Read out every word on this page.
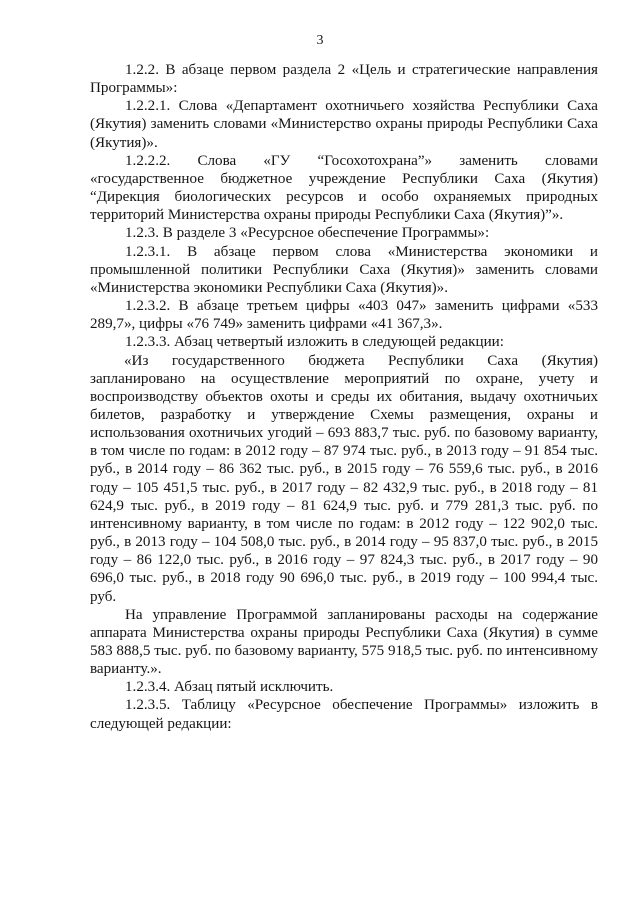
3

1.2.2. В абзаце первом раздела 2 «Цель и стратегические направления Программы»:

1.2.2.1. Слова «Департамент охотничьего хозяйства Республики Саха (Якутия) заменить словами «Министерство охраны природы Республики Саха (Якутия)».

1.2.2.2. Слова «ГУ “Госохотохрана”» заменить словами «государственное бюджетное учреждение Республики Саха (Якутия) “Дирекция биологических ресурсов и особо охраняемых природных территорий Министерства охраны природы Республики Саха (Якутия)”».

1.2.3. В разделе 3 «Ресурсное обеспечение Программы»:

1.2.3.1. В абзаце первом слова «Министерства экономики и промышленной политики Республики Саха (Якутия)» заменить словами «Министерства экономики Республики Саха (Якутия)».

1.2.3.2. В абзаце третьем цифры «403 047» заменить цифрами «533 289,7», цифры «76 749» заменить цифрами «41 367,3».

1.2.3.3. Абзац четвертый изложить в следующей редакции:

«Из государственного бюджета Республики Саха (Якутия) запланировано на осуществление мероприятий по охране, учету и воспроизводству объектов охоты и среды их обитания, выдачу охотничьих билетов, разработку и утверждение Схемы размещения, охраны и использования охотничьих угодий – 693 883,7 тыс. руб. по базовому варианту, в том числе по годам: в 2012 году – 87 974 тыс. руб., в 2013 году – 91 854 тыс. руб., в 2014 году – 86 362 тыс. руб., в 2015 году – 76 559,6 тыс. руб., в 2016 году – 105 451,5 тыс. руб., в 2017 году – 82 432,9 тыс. руб., в 2018 году – 81 624,9 тыс. руб., в 2019 году – 81 624,9 тыс. руб. и 779 281,3 тыс. руб. по интенсивному варианту, в том числе по годам: в 2012 году – 122 902,0 тыс. руб., в 2013 году – 104 508,0 тыс. руб., в 2014 году – 95 837,0 тыс. руб., в 2015 году – 86 122,0 тыс. руб., в 2016 году – 97 824,3 тыс. руб., в 2017 году – 90 696,0 тыс. руб., в 2018 году 90 696,0 тыс. руб., в 2019 году – 100 994,4 тыс. руб.

На управление Программой запланированы расходы на содержание аппарата Министерства охраны природы Республики Саха (Якутия) в сумме 583 888,5 тыс. руб. по базовому варианту, 575 918,5 тыс. руб. по интенсивному варианту.».

1.2.3.4. Абзац пятый исключить.

1.2.3.5. Таблицу «Ресурсное обеспечение Программы» изложить в следующей редакции:
